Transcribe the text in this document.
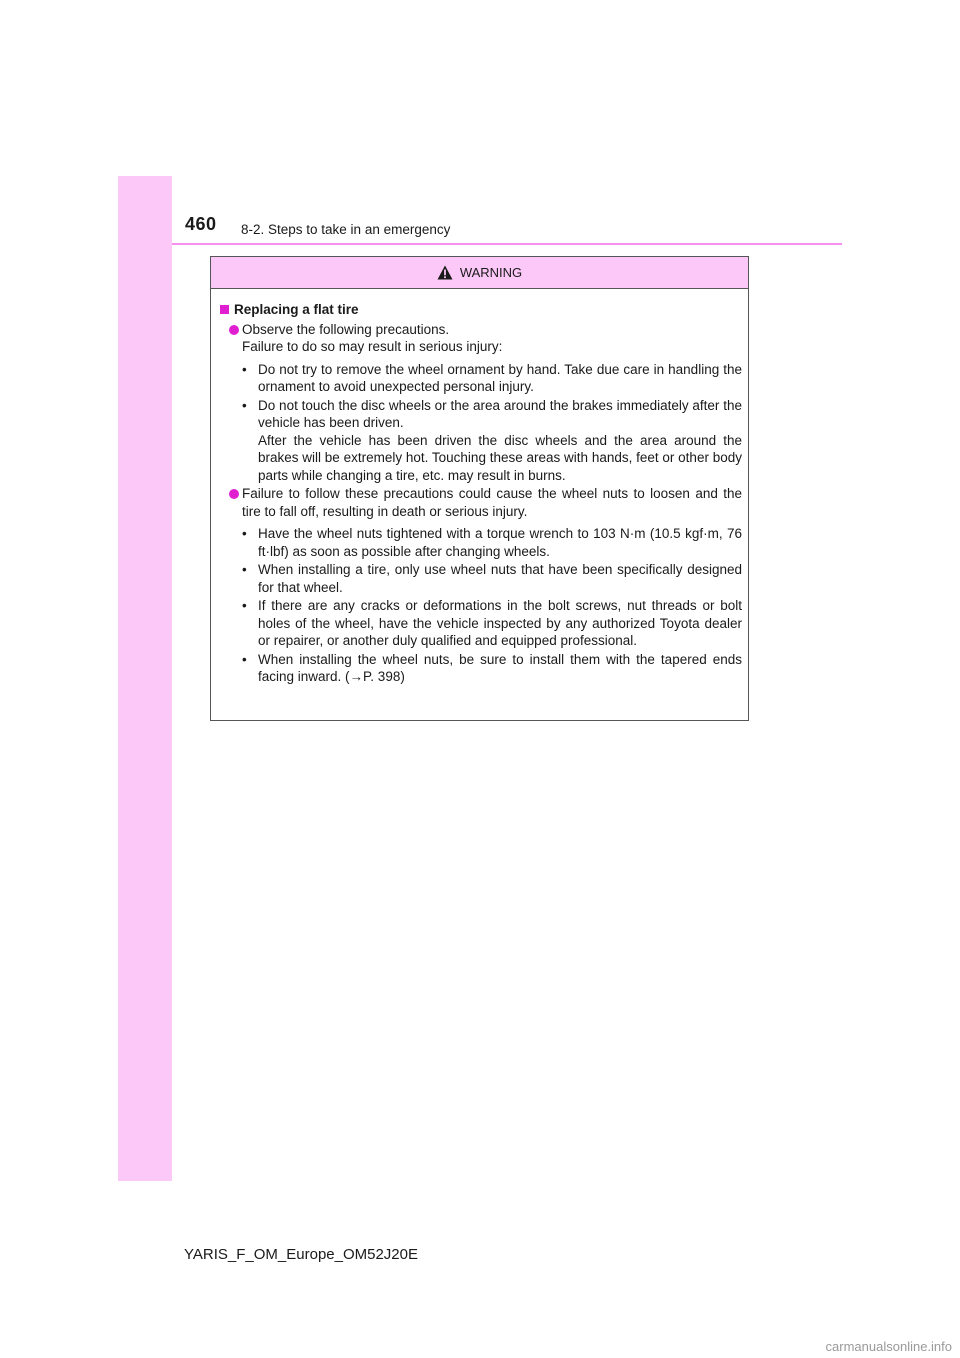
460 8-2. Steps to take in an emergency
WARNING
Replacing a flat tire
Observe the following precautions.
Failure to do so may result in serious injury:
• Do not try to remove the wheel ornament by hand. Take due care in handling the ornament to avoid unexpected personal injury.
• Do not touch the disc wheels or the area around the brakes immediately after the vehicle has been driven.
After the vehicle has been driven the disc wheels and the area around the brakes will be extremely hot. Touching these areas with hands, feet or other body parts while changing a tire, etc. may result in burns.
Failure to follow these precautions could cause the wheel nuts to loosen and the tire to fall off, resulting in death or serious injury.
• Have the wheel nuts tightened with a torque wrench to 103 N·m (10.5 kgf·m, 76 ft·lbf) as soon as possible after changing wheels.
• When installing a tire, only use wheel nuts that have been specifically designed for that wheel.
• If there are any cracks or deformations in the bolt screws, nut threads or bolt holes of the wheel, have the vehicle inspected by any authorized Toyota dealer or repairer, or another duly qualified and equipped professional.
• When installing the wheel nuts, be sure to install them with the tapered ends facing inward. (→P. 398)
YARIS_F_OM_Europe_OM52J20E
carmanualsonline.info
